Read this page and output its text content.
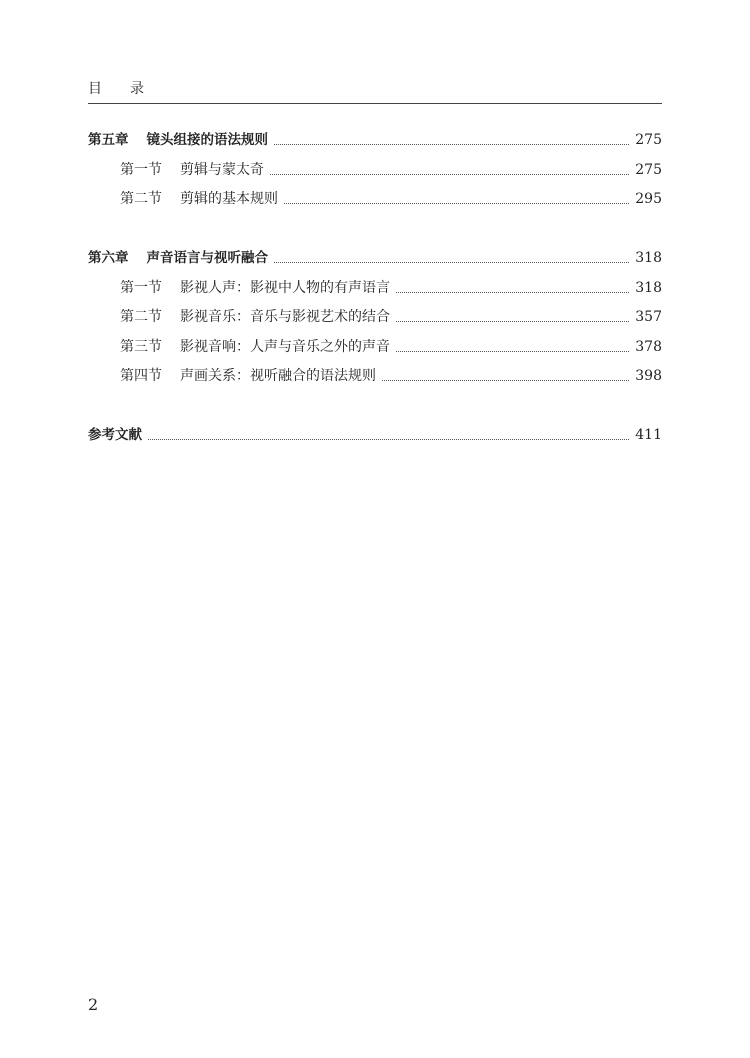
目 录
第五章 镜头组接的语法规则	275
第一节 剪辑与蒙太奇	275
第二节 剪辑的基本规则	295
第六章 声音语言与视听融合	318
第一节 影视人声：影视中人物的有声语言	318
第二节 影视音乐：音乐与影视艺术的结合	357
第三节 影视音响：人声与音乐之外的声音	378
第四节 声画关系：视听融合的语法规则	398
参考文献	411
2
